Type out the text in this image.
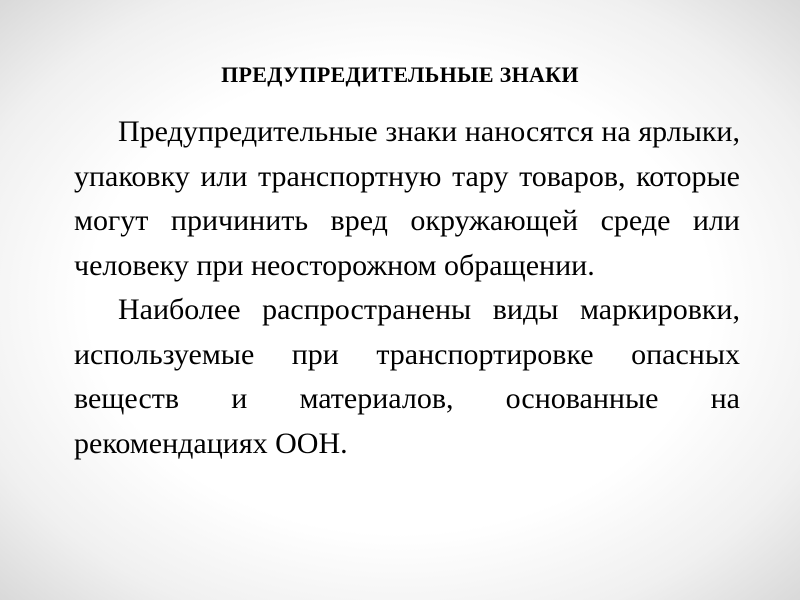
ПРЕДУПРЕДИТЕЛЬНЫЕ ЗНАКИ

Предупредительные знаки наносятся на ярлыки, упаковку или транспортную тару товаров, которые могут причинить вред окружающей среде или человеку при неосторожном обращении.

Наиболее распространены виды маркировки, используемые при транспортировке опасных веществ и материалов, основанные на рекомендациях ООН.
